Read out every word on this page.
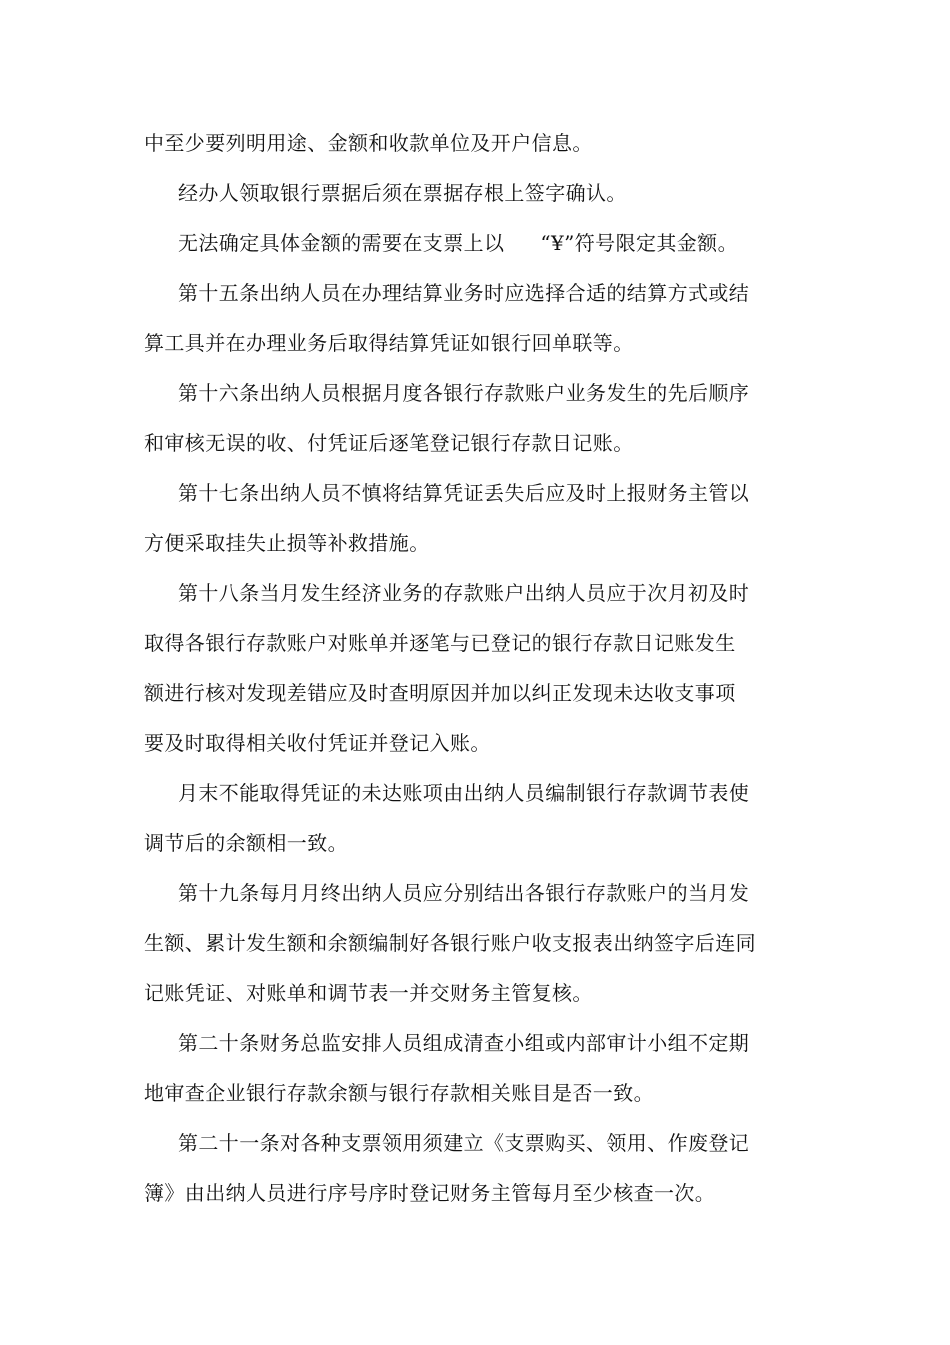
中至少要列明用途、金额和收款单位及开户信息。
经办人领取银行票据后须在票据存根上签字确认。
无法确定具体金额的需要在支票上以 “¥”符号限定其金额。
第十五条出纳人员在办理结算业务时应选择合适的结算方式或结
算工具并在办理业务后取得结算凭证如银行回单联等。
第十六条出纳人员根据月度各银行存款账户业务发生的先后顺序
和审核无误的收、付凭证后逐笔登记银行存款日记账。
第十七条出纳人员不慎将结算凭证丢失后应及时上报财务主管以
方便采取挂失止损等补救措施。
第十八条当月发生经济业务的存款账户出纳人员应于次月初及时
取得各银行存款账户对账单并逐笔与已登记的银行存款日记账发生
额进行核对发现差错应及时查明原因并加以纠正发现未达收支事项
要及时取得相关收付凭证并登记入账。
月末不能取得凭证的未达账项由出纳人员编制银行存款调节表使
调节后的余额相一致。
第十九条每月月终出纳人员应分别结出各银行存款账户的当月发
生额、累计发生额和余额编制好各银行账户收支报表出纳签字后连同
记账凭证、对账单和调节表一并交财务主管复核。
第二十条财务总监安排人员组成清查小组或内部审计小组不定期
地审查企业银行存款余额与银行存款相关账目是否一致。
第二十一条对各种支票领用须建立《支票购买、领用、作废登记
簿》由出纳人员进行序号序时登记财务主管每月至少核查一次。
